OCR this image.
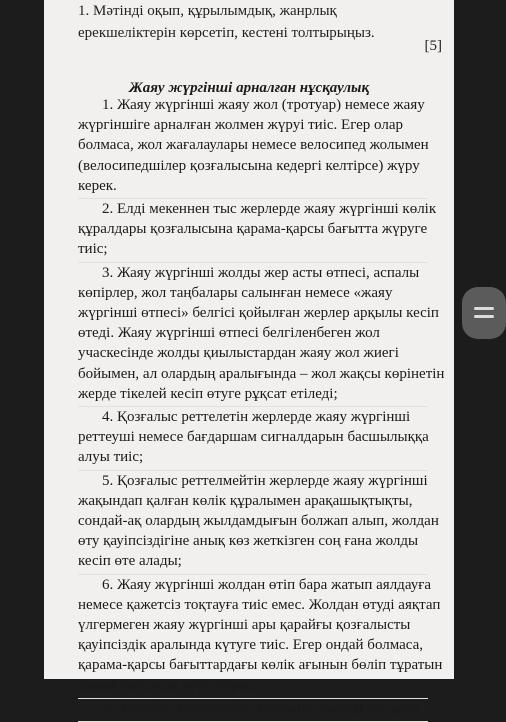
1. Мәтінді оқып, құрылымдық, жанрлық
ерекшеліктерін көрсетіп, кестені толтырыңыз.
[5]
Жаяу жүргінші арналған нұсқаулық

1. Жаяу жүргінші жаяу жол (тротуар) немесе жаяу
жүргіншіге арналған жолмен жүруі тиіс. Егер олар
болмаса, жол жағалаулары немесе велосипед жолымен
(велосипедшілер қозғалысына кедергі келтірсе) жүру
керек.

2. Елді мекеннен тыс жерлерде жаяу жүргінші көлік
құралдары қозғалысына қарама-қарсы бағытта жүруге
тиіс;

3. Жаяу жүргінші жолды жер асты өтпесі, аспалы
көпірлер, жол таңбалары салынған немесе «жаяу
жүргінші өтпесі» белгісі қойылған жерлер арқылы кесіп
өтеді. Жаяу жүргінші өтпесі белгіленбеген жол
учаскесінде жолды қиылыстардан жаяу жол жиегі
бойымен, ал олардың аралығында – жол жақсы көрінетін
жерде тікелей кесіп өтуге рұқсат етіледі;

4. Қозғалыс реттелетін жерлерде жаяу жүргінші
реттеуші немесе бағдаршам сигналдарын басшылыққа
алуы тиіс;

5. Қозғалыс реттелмейтін жерлерде жаяу жүргінші
жақындап қалған көлік құралымен арақашықтықты,
сондай-ақ олардың жылдамдығын болжап алып, жолдан
өту қауіпсіздігіне анық көз жеткізген соң ғана жолды
кесіп өте алады;

6. Жаяу жүргінші жолдан өтіп бара жатып аялдауға
немесе қажетсіз тоқтауға тиіс емес. Жолдан өтуді аяқтап
үлгермеген жаяу жүргінші ары қарайғы қозғалысты
қауіпсіздік аралында күтуге тиіс. Егер ондай болмаса,
қарама-қарсы бағыттардағы көлік ағынын бөліп тұратын
сызық бойында күтуі керек;

7. Автобус, троллейбус, трамвай, таксиді тек қана
